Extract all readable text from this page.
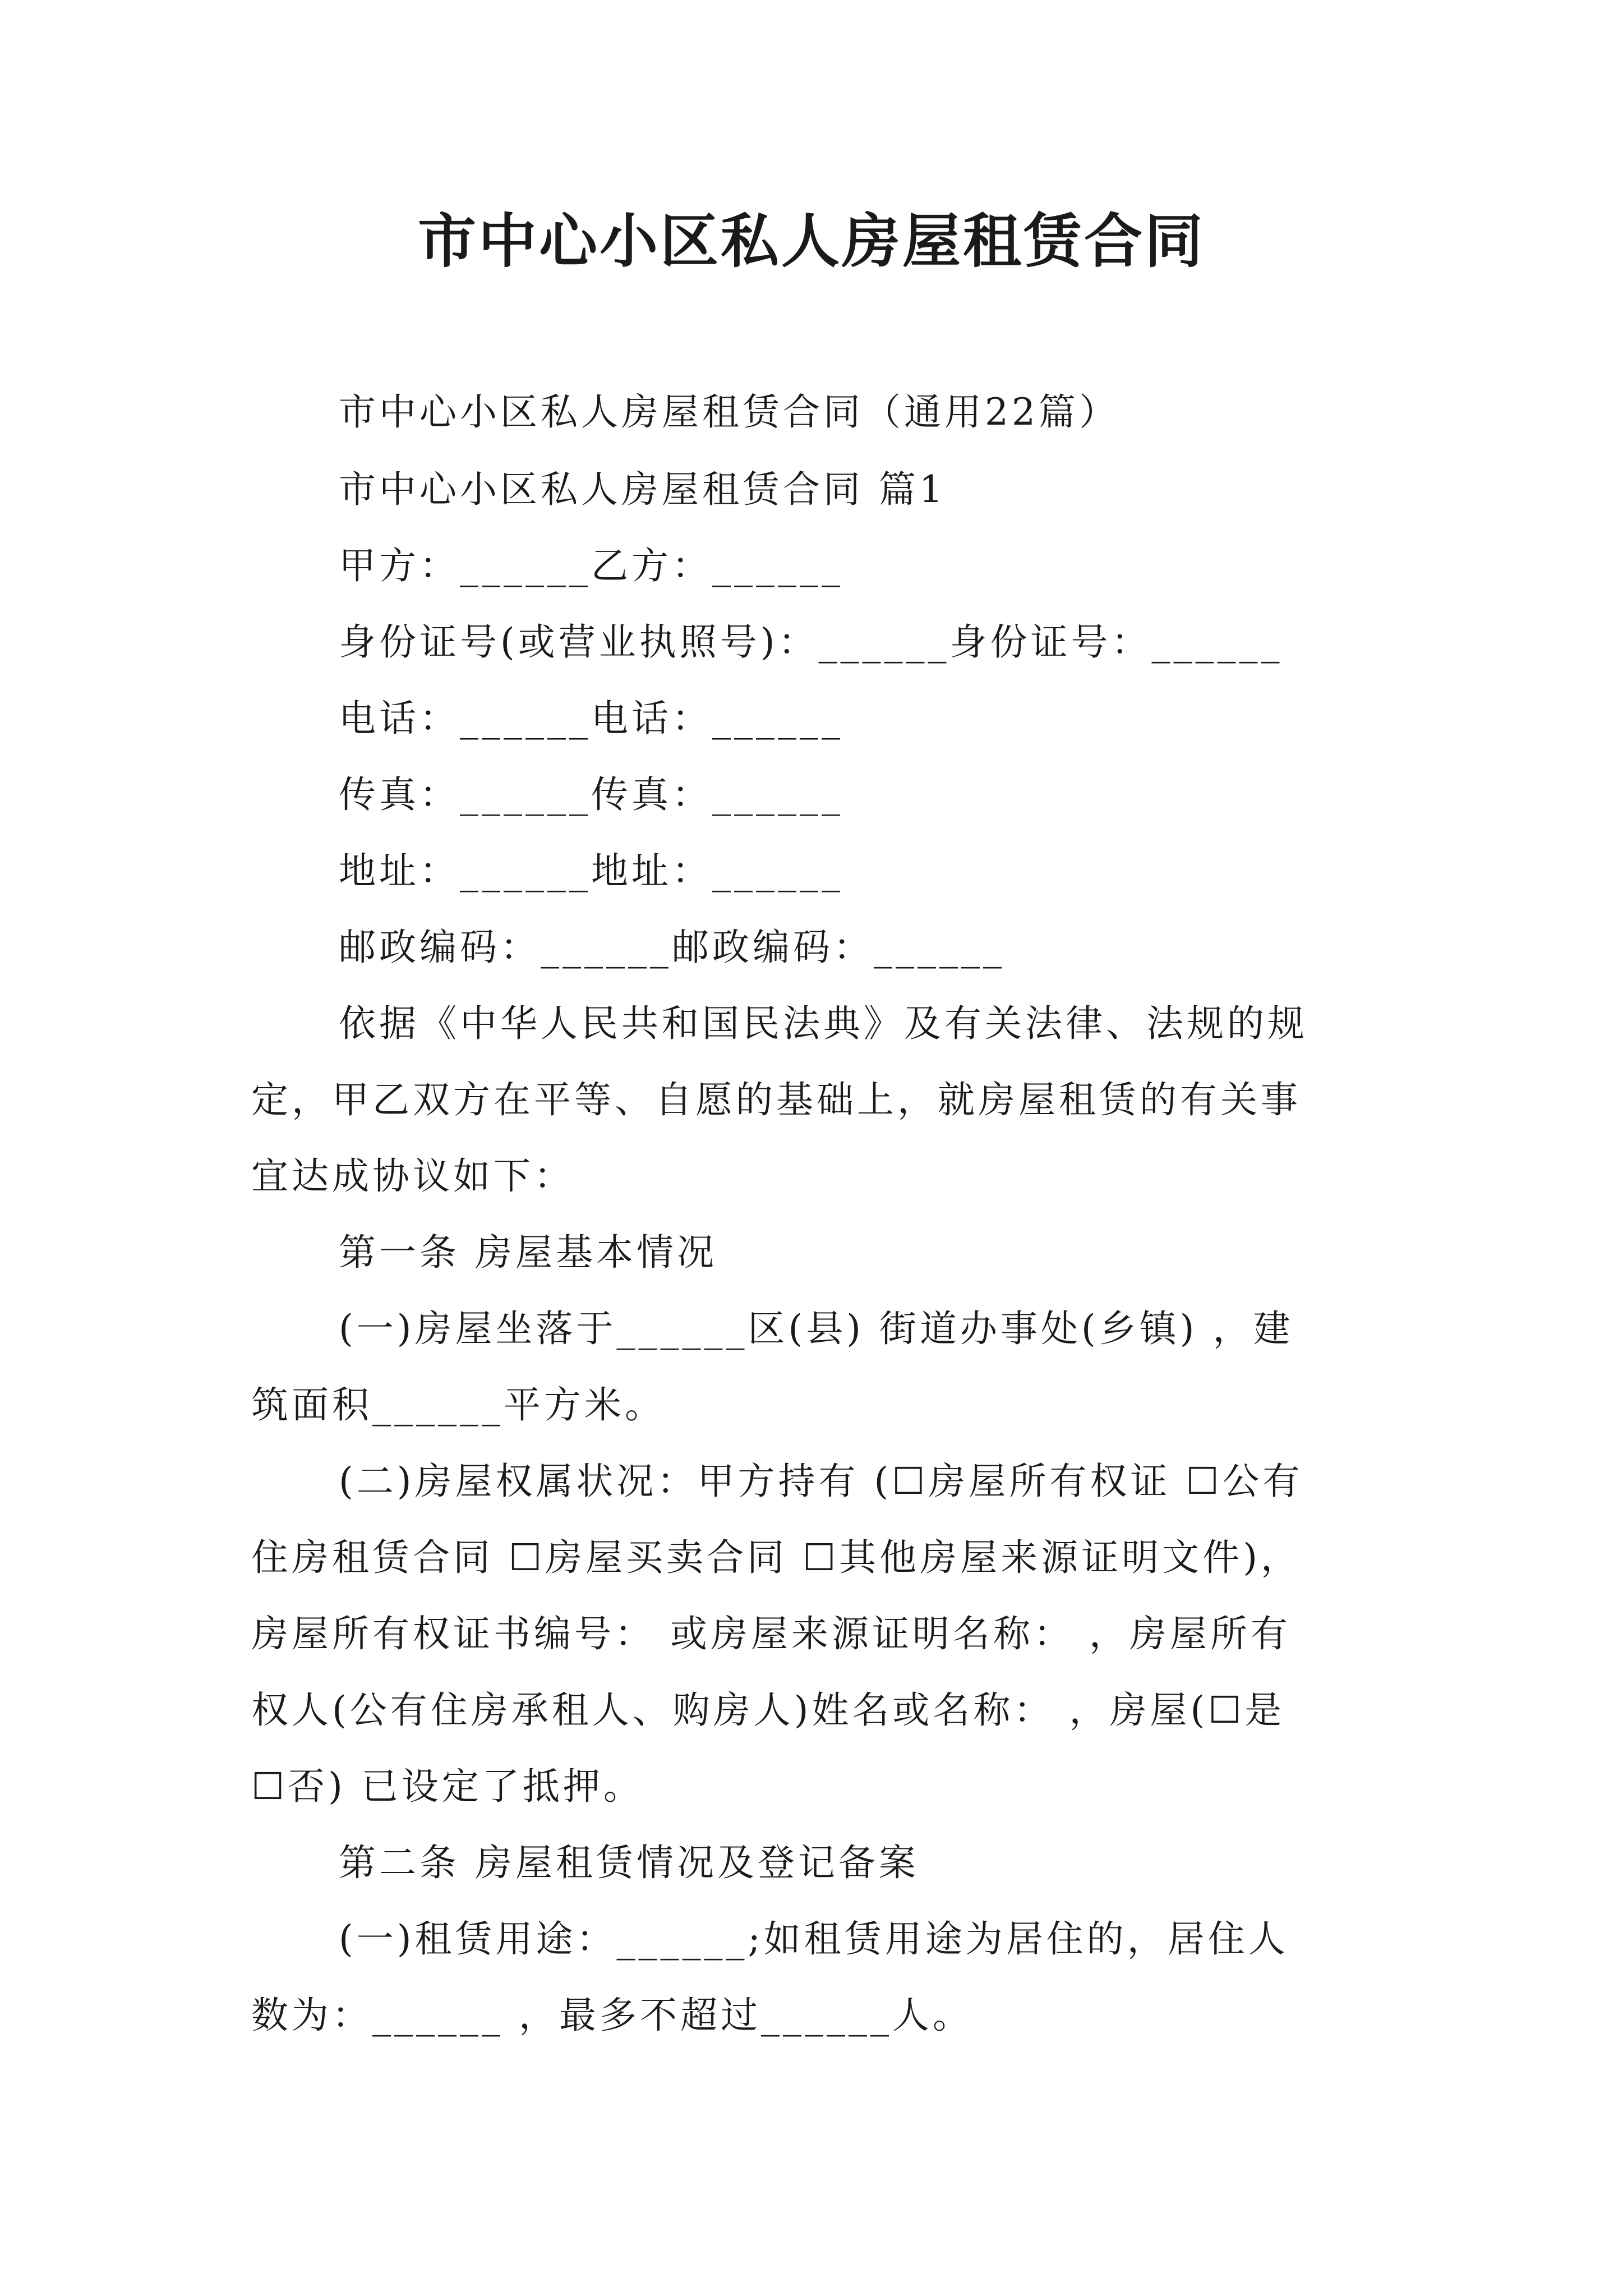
市中心小区私人房屋租赁合同
市中心小区私人房屋租赁合同（通用22篇）
市中心小区私人房屋租赁合同 篇1
甲方：______乙方：______
身份证号(或营业执照号)：______身份证号：______
电话：______电话：______
传真：______传真：______
地址：______地址：______
邮政编码：______邮政编码：______
依据《中华人民共和国民法典》及有关法律、法规的规
定，甲乙双方在平等、自愿的基础上，就房屋租赁的有关事
宜达成协议如下：
第一条 房屋基本情况
(一)房屋坐落于______区(县) 街道办事处(乡镇) ，建
筑面积______平方米。
(二)房屋权属状况：甲方持有 (☐房屋所有权证 ☐公有
住房租赁合同 ☐房屋买卖合同 ☐其他房屋来源证明文件)，
房屋所有权证书编号： 或房屋来源证明名称： ，房屋所有
权人(公有住房承租人、购房人)姓名或名称： ，房屋(☐是
☐否) 已设定了抵押。
第二条 房屋租赁情况及登记备案
(一)租赁用途：______;如租赁用途为居住的，居住人
数为：______ ，最多不超过______人。
